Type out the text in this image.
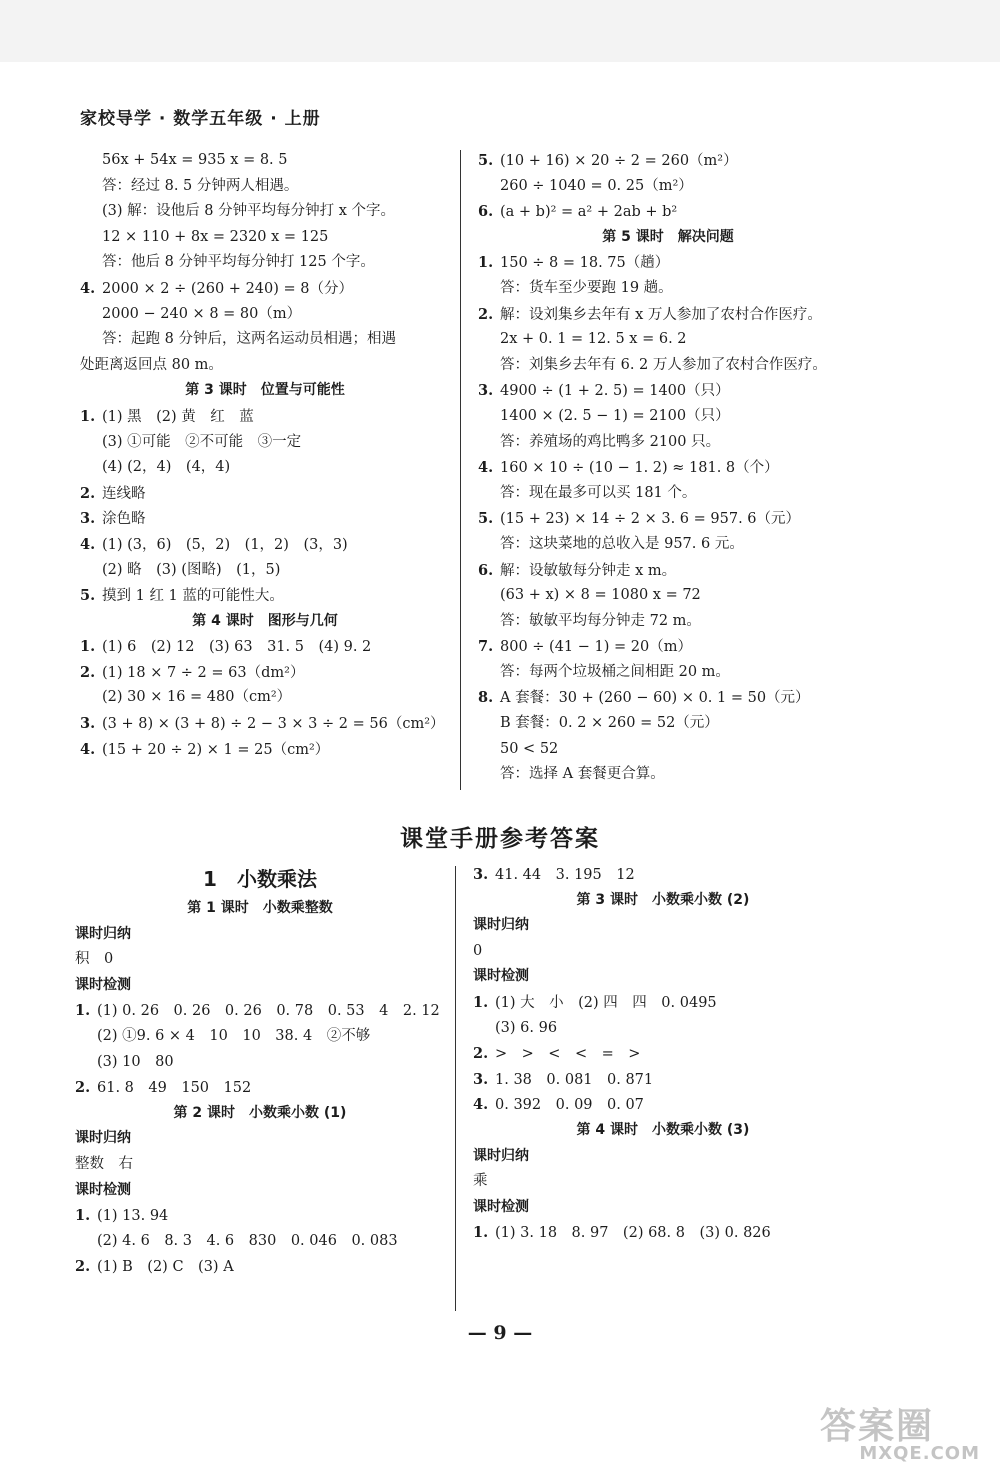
家校导学 · 数学五年级 · 上册
56x + 54x = 935 x = 8. 5
答：经过 8. 5 分钟两人相遇。
(3) 解：设他后 8 分钟平均每分钟打 x 个字。
12 × 110 + 8x = 2320 x = 125
答：他后 8 分钟平均每分钟打 125 个字。
4. 2000 × 2 ÷ (260 + 240) = 8（分）
2000 − 240 × 8 = 80（m）
答：起跑 8 分钟后，这两名运动员相遇；相遇
处距离返回点 80 m。
第 3 课时　位置与可能性
1. (1) 黑　(2) 黄　红　蓝
(3) ①可能　②不可能　③一定
(4) (2，4)　(4，4)
2. 连线略
3. 涂色略
4. (1) (3，6)　(5，2)　(1，2)　(3，3)
(2) 略　(3) (图略)　(1，5)
5. 摸到 1 红 1 蓝的可能性大。
第 4 课时　图形与几何
1. (1) 6　(2) 12　(3) 63　31. 5　(4) 9. 2
2. (1) 18 × 7 ÷ 2 = 63（dm²）
(2) 30 × 16 = 480（cm²）
3. (3 + 8) × (3 + 8) ÷ 2 − 3 × 3 ÷ 2 = 56（cm²）
4. (15 + 20 ÷ 2) × 1 = 25（cm²）
5. (10 + 16) × 20 ÷ 2 = 260（m²）
260 ÷ 1040 = 0. 25（m²）
6. (a + b)² = a² + 2ab + b²
第 5 课时　解决问题
1. 150 ÷ 8 = 18. 75（趟）
答：货车至少要跑 19 趟。
2. 解：设刘集乡去年有 x 万人参加了农村合作医疗。
2x + 0. 1 = 12. 5 x = 6. 2
答：刘集乡去年有 6. 2 万人参加了农村合作医疗。
3. 4900 ÷ (1 + 2. 5) = 1400（只）
1400 × (2. 5 − 1) = 2100（只）
答：养殖场的鸡比鸭多 2100 只。
4. 160 × 10 ÷ (10 − 1. 2) ≈ 181. 8（个）
答：现在最多可以买 181 个。
5. (15 + 23) × 14 ÷ 2 × 3. 6 = 957. 6（元）
答：这块菜地的总收入是 957. 6 元。
6. 解：设敏敏每分钟走 x m。
(63 + x) × 8 = 1080 x = 72
答：敏敏平均每分钟走 72 m。
7. 800 ÷ (41 − 1) = 20（m）
答：每两个垃圾桶之间相距 20 m。
8. A 套餐：30 + (260 − 60) × 0. 1 = 50（元）
B 套餐：0. 2 × 260 = 52（元）
50 < 52
答：选择 A 套餐更合算。
课堂手册参考答案
1　小数乘法
第 1 课时　小数乘整数
课时归纳
积　0
课时检测
1. (1) 0. 26　0. 26　0. 26　0. 78　0. 53　4　2. 12
(2) ①9. 6 × 4　10　10　38. 4　②不够
(3) 10　80
2. 61. 8　49　150　152
第 2 课时　小数乘小数 (1)
课时归纳
整数　右
课时检测
1. (1) 13. 94
(2) 4. 6　8. 3　4. 6　830　0. 046　0. 083
2. (1) B　(2) C　(3) A
3. 41. 44　3. 195　12
第 3 课时　小数乘小数 (2)
课时归纳
0
课时检测
1. (1) 大　小　(2) 四　四　0. 0495
(3) 6. 96
2. >　>　<　<　=　>
3. 1. 38　0. 081　0. 871
4. 0. 392　0. 09　0. 07
第 4 课时　小数乘小数 (3)
课时归纳
乘
课时检测
1. (1) 3. 18　8. 97　(2) 68. 8　(3) 0. 826
— 9 —
答案圈
MXQE.COM
